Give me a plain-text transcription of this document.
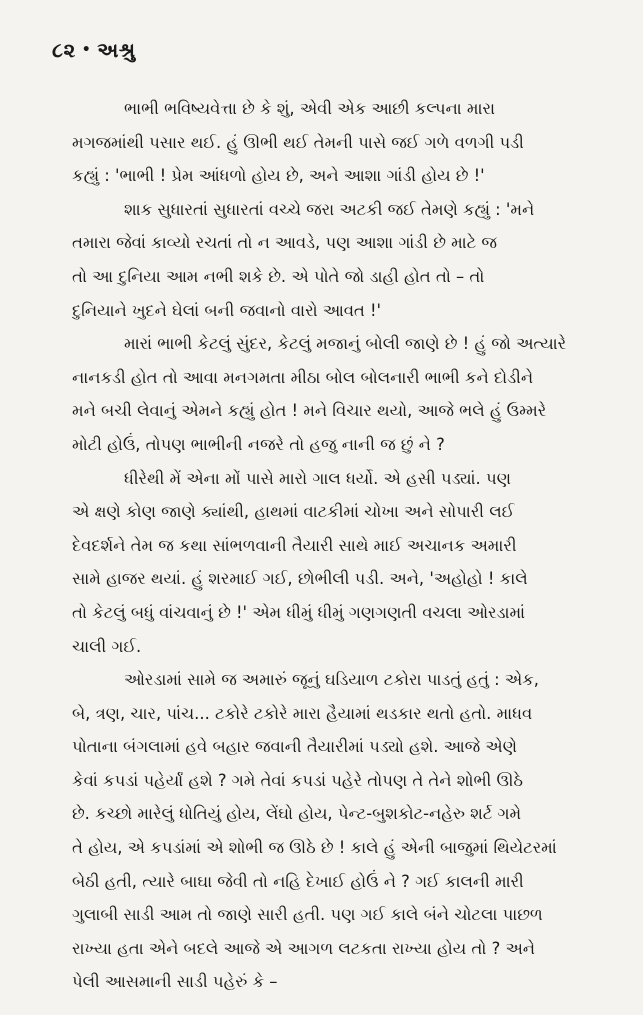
૮૨ • અશ્રુ
ભાભી ભવિષ્યવેત્તા છે કે શું, એવી એક આછી કલ્પના મારા
મગજમાંથી પસાર થઈ. હું ઊભી થઈ તેમની પાસે જઈ ગળે વળગી પડી
કહ્યું : 'ભાભી ! પ્રેમ આંધળો હોય છે, અને આશા ગાંડી હોય છે !'
શાક સુધારતાં સુધારતાં વચ્ચે જરા અટકી જઈ તેમણે કહ્યું : 'મને
તમારા જેવાં કાવ્યો રચતાં તો ન આવડે, પણ આશા ગાંડી છે માટે જ
તો આ દુનિયા આમ નભી શકે છે. એ પોતે જો ડાહી હોત તો – તો
દુનિયાને ખુદને ઘેલાં બની જવાનો વારો આવત !'
મારાં ભાભી કેટલું સુંદર, કેટલું મજાનું બોલી જાણે છે ! હું જો અત્યારે
નાનકડી હોત તો આવા મનગમતા મીઠા બોલ બોલનારી ભાભી કને દોડીને
મને બચી લેવાનું એમને કહ્યું હોત ! મને વિચાર થયો, આજે ભલે હું ઉમ્મરે
મોટી હોઉં, તોપણ ભાભીની નજરે તો હજુ નાની જ છું ને ?
ધીરેથી મેં એના મોં પાસે મારો ગાલ ધર્યો. એ હસી પડ્યાં. પણ
એ ક્ષણે કોણ જાણે ક્યાંથી, હાથમાં વાટકીમાં ચોખા અને સોપારી લઈ
દેવદર્શને તેમ જ કથા સાંભળવાની તૈયારી સાથે માઈ અચાનક અમારી
સામે હાજર થયાં. હું શરમાઈ ગઈ, છોભીલી પડી. અને, 'અહોહો ! કાલે
તો કેટલું બધું વાંચવાનું છે !' એમ ધીમું ધીમું ગણગણતી વચલા ઓરડામાં
ચાલી ગઈ.
ઓરડામાં સામે જ અમારું જૂનું ઘડિયાળ ટકોરા પાડતું હતું : એક,
બે, ત્રણ, ચાર, પાંચ... ટકોરે ટકોરે મારા હૈયામાં થડકાર થતો હતો. માધવ
પોતાના બંગલામાં હવે બહાર જવાની તૈયારીમાં પડ્યો હશે. આજે એણે
કેવાં કપડાં પહેર્યાં હશે ? ગમે તેવાં કપડાં પહેરે તોપણ તે તેને શોભી ઊઠે
છે. કચ્છો મારેલું ધોતિયું હોય, લેંઘો હોય, પેન્ટ-બુશકોટ-નહેરુ શર્ટ ગમે
તે હોય, એ કપડાંમાં એ શોભી જ ઊઠે છે ! કાલે હું એની બાજુમાં થિયેટરમાં
બેઠી હતી, ત્યારે બાઘા જેવી તો નહિ દેખાઈ હોઉં ને ? ગઈ કાલની મારી
ગુલાબી સાડી આમ તો જાણે સારી હતી. પણ ગઈ કાલે બંને ચોટલા પાછળ
રાખ્યા હતા એને બદલે આજે એ આગળ લટકતા રાખ્યા હોય તો ? અને
પેલી આસમાની સાડી પહેરું કે –
